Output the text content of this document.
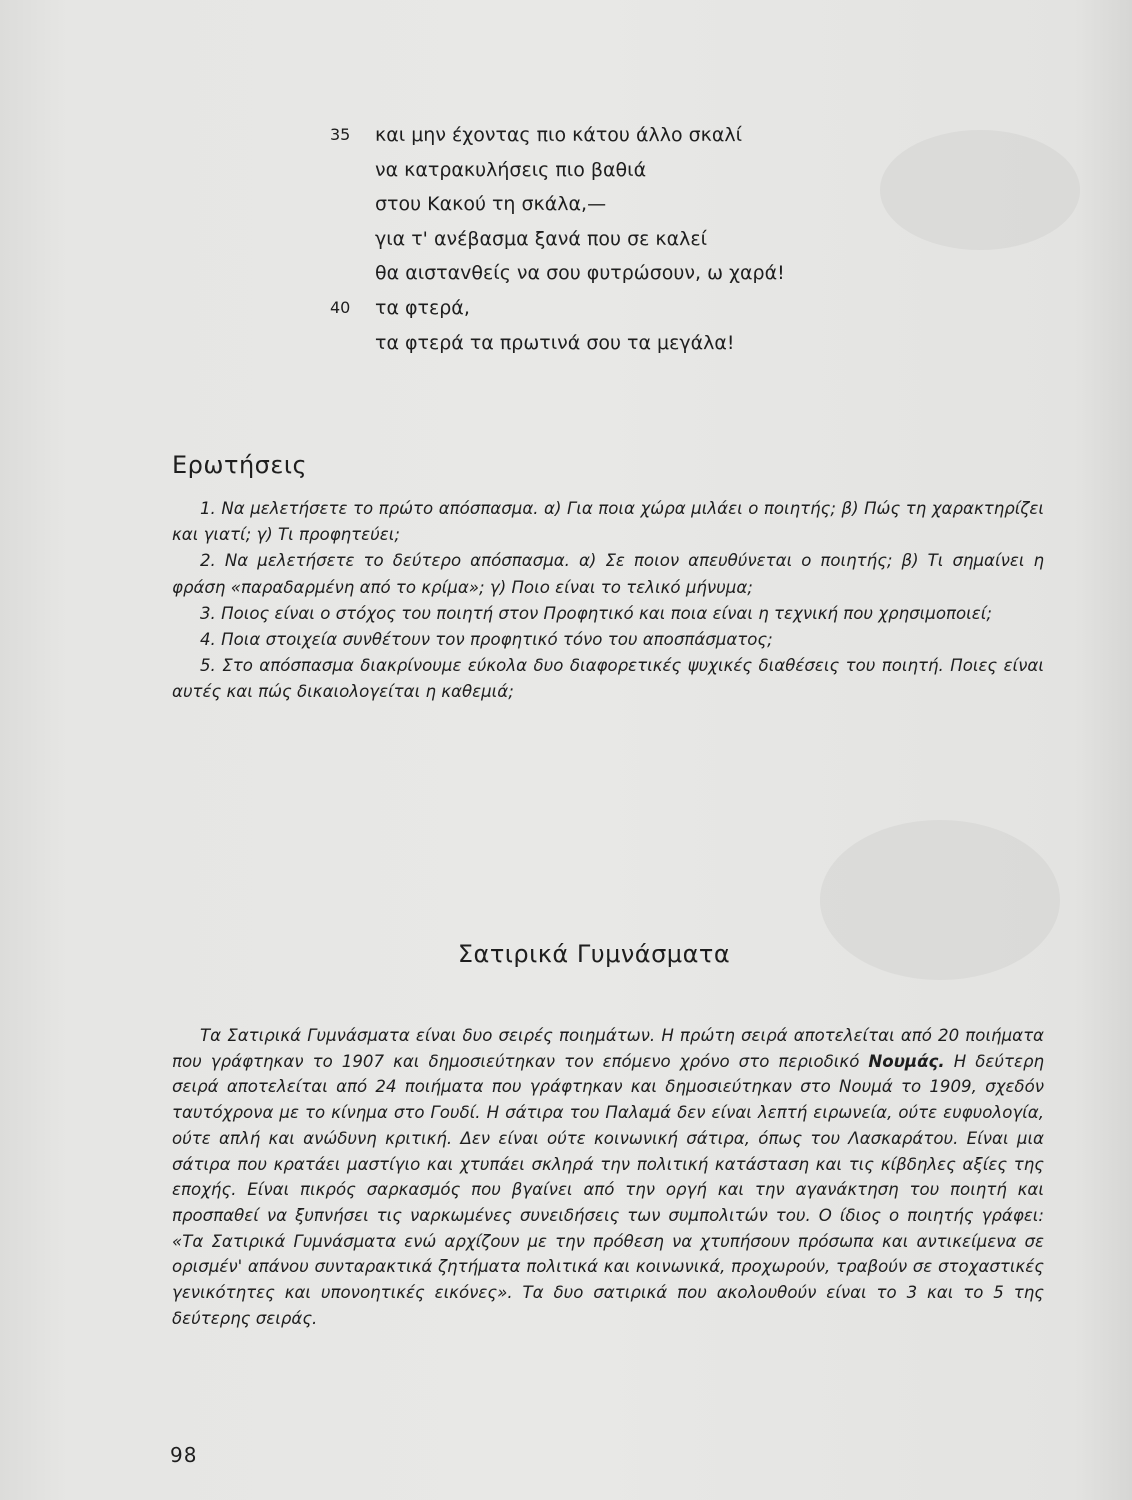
35	και μην έχοντας πιο κάτου άλλο σκαλί
να κατρακυλήσεις πιο βαθιά
στου Κακού τη σκάλα,—
για τ' ανέβασμα ξανά που σε καλεί
θα αισταvθείς να σου φυτρώσουν, ω χαρά!
40	τα φτερά,
τα φτερά τα πρωτινά σου τα μεγάλα!
Ερωτήσεις

1. Να μελετήσετε το πρώτο απόσπασμα. α) Για ποια χώρα μιλάει ο ποιητής; β) Πώς τη χαρακτηρίζει και γιατί; γ) Τι προφητεύει;

2. Να μελετήσετε το δεύτερο απόσπασμα. α) Σε ποιον απευθύνεται ο ποιητής; β) Τι σημαίνει η φράση «παραδαρμένη από το κρίμα»; γ) Ποιο είναι το τελικό μήνυμα;

3. Ποιος είναι ο στόχος του ποιητή στον Προφητικό και ποια είναι η τεχνική που χρησιμοποιεί;

4. Ποια στοιχεία συνθέτουν τον προφητικό τόνο του αποσπάσματος;

5. Στο απόσπασμα διακρίνουμε εύκολα δυο διαφορετικές ψυχικές διαθέσεις του ποιητή. Ποιες είναι αυτές και πώς δικαιολογείται η καθεμιά;

Σατιρικά Γυμνάσματα

Τα Σατιρικά Γυμνάσματα είναι δυο σειρές ποιημάτων. Η πρώτη σειρά αποτελείται από 20 ποιήματα που γράφτηκαν το 1907 και δημοσιεύτηκαν τον επόμενο χρόνο στο περιοδικό Νουμάς. Η δεύτερη σειρά αποτελείται από 24 ποιήματα που γράφτηκαν και δημοσιεύτηκαν στο Νουμά το 1909, σχεδόν ταυτόχρονα με το κίνημα στο Γουδί. Η σάτιρα του Παλαμά δεν είναι λεπτή ειρωνεία, ούτε ευφυολογία, ούτε απλή και ανώδυνη κριτική. Δεν είναι ούτε κοινωνική σάτιρα, όπως του Λασκαράτου. Είναι μια σάτιρα που κρατάει μαστίγιο και χτυπάει σκληρά την πολιτική κατάσταση και τις κίβδηλες αξίες της εποχής. Είναι πικρός σαρκασμός που βγαίνει από την οργή και την αγανάκτηση του ποιητή και προσπαθεί να ξυπνήσει τις ναρκωμένες συνειδήσεις των συμπολιτών του. Ο ίδιος ο ποιητής γράφει: «Τα Σατιρικά Γυμνάσματα ενώ αρχίζουν με την πρόθεση να χτυπήσουν πρόσωπα και αντικείμενα σε ορισμέν' απάνου συνταρακτικά ζητήματα πολιτικά και κοινωνικά, προχωρούν, τραβούν σε στοχαστικές γενικότητες και υπονοητικές εικόνες». Τα δυο σατιρικά που ακολουθούν είναι το 3 και το 5 της δεύτερης σειράς.

98
